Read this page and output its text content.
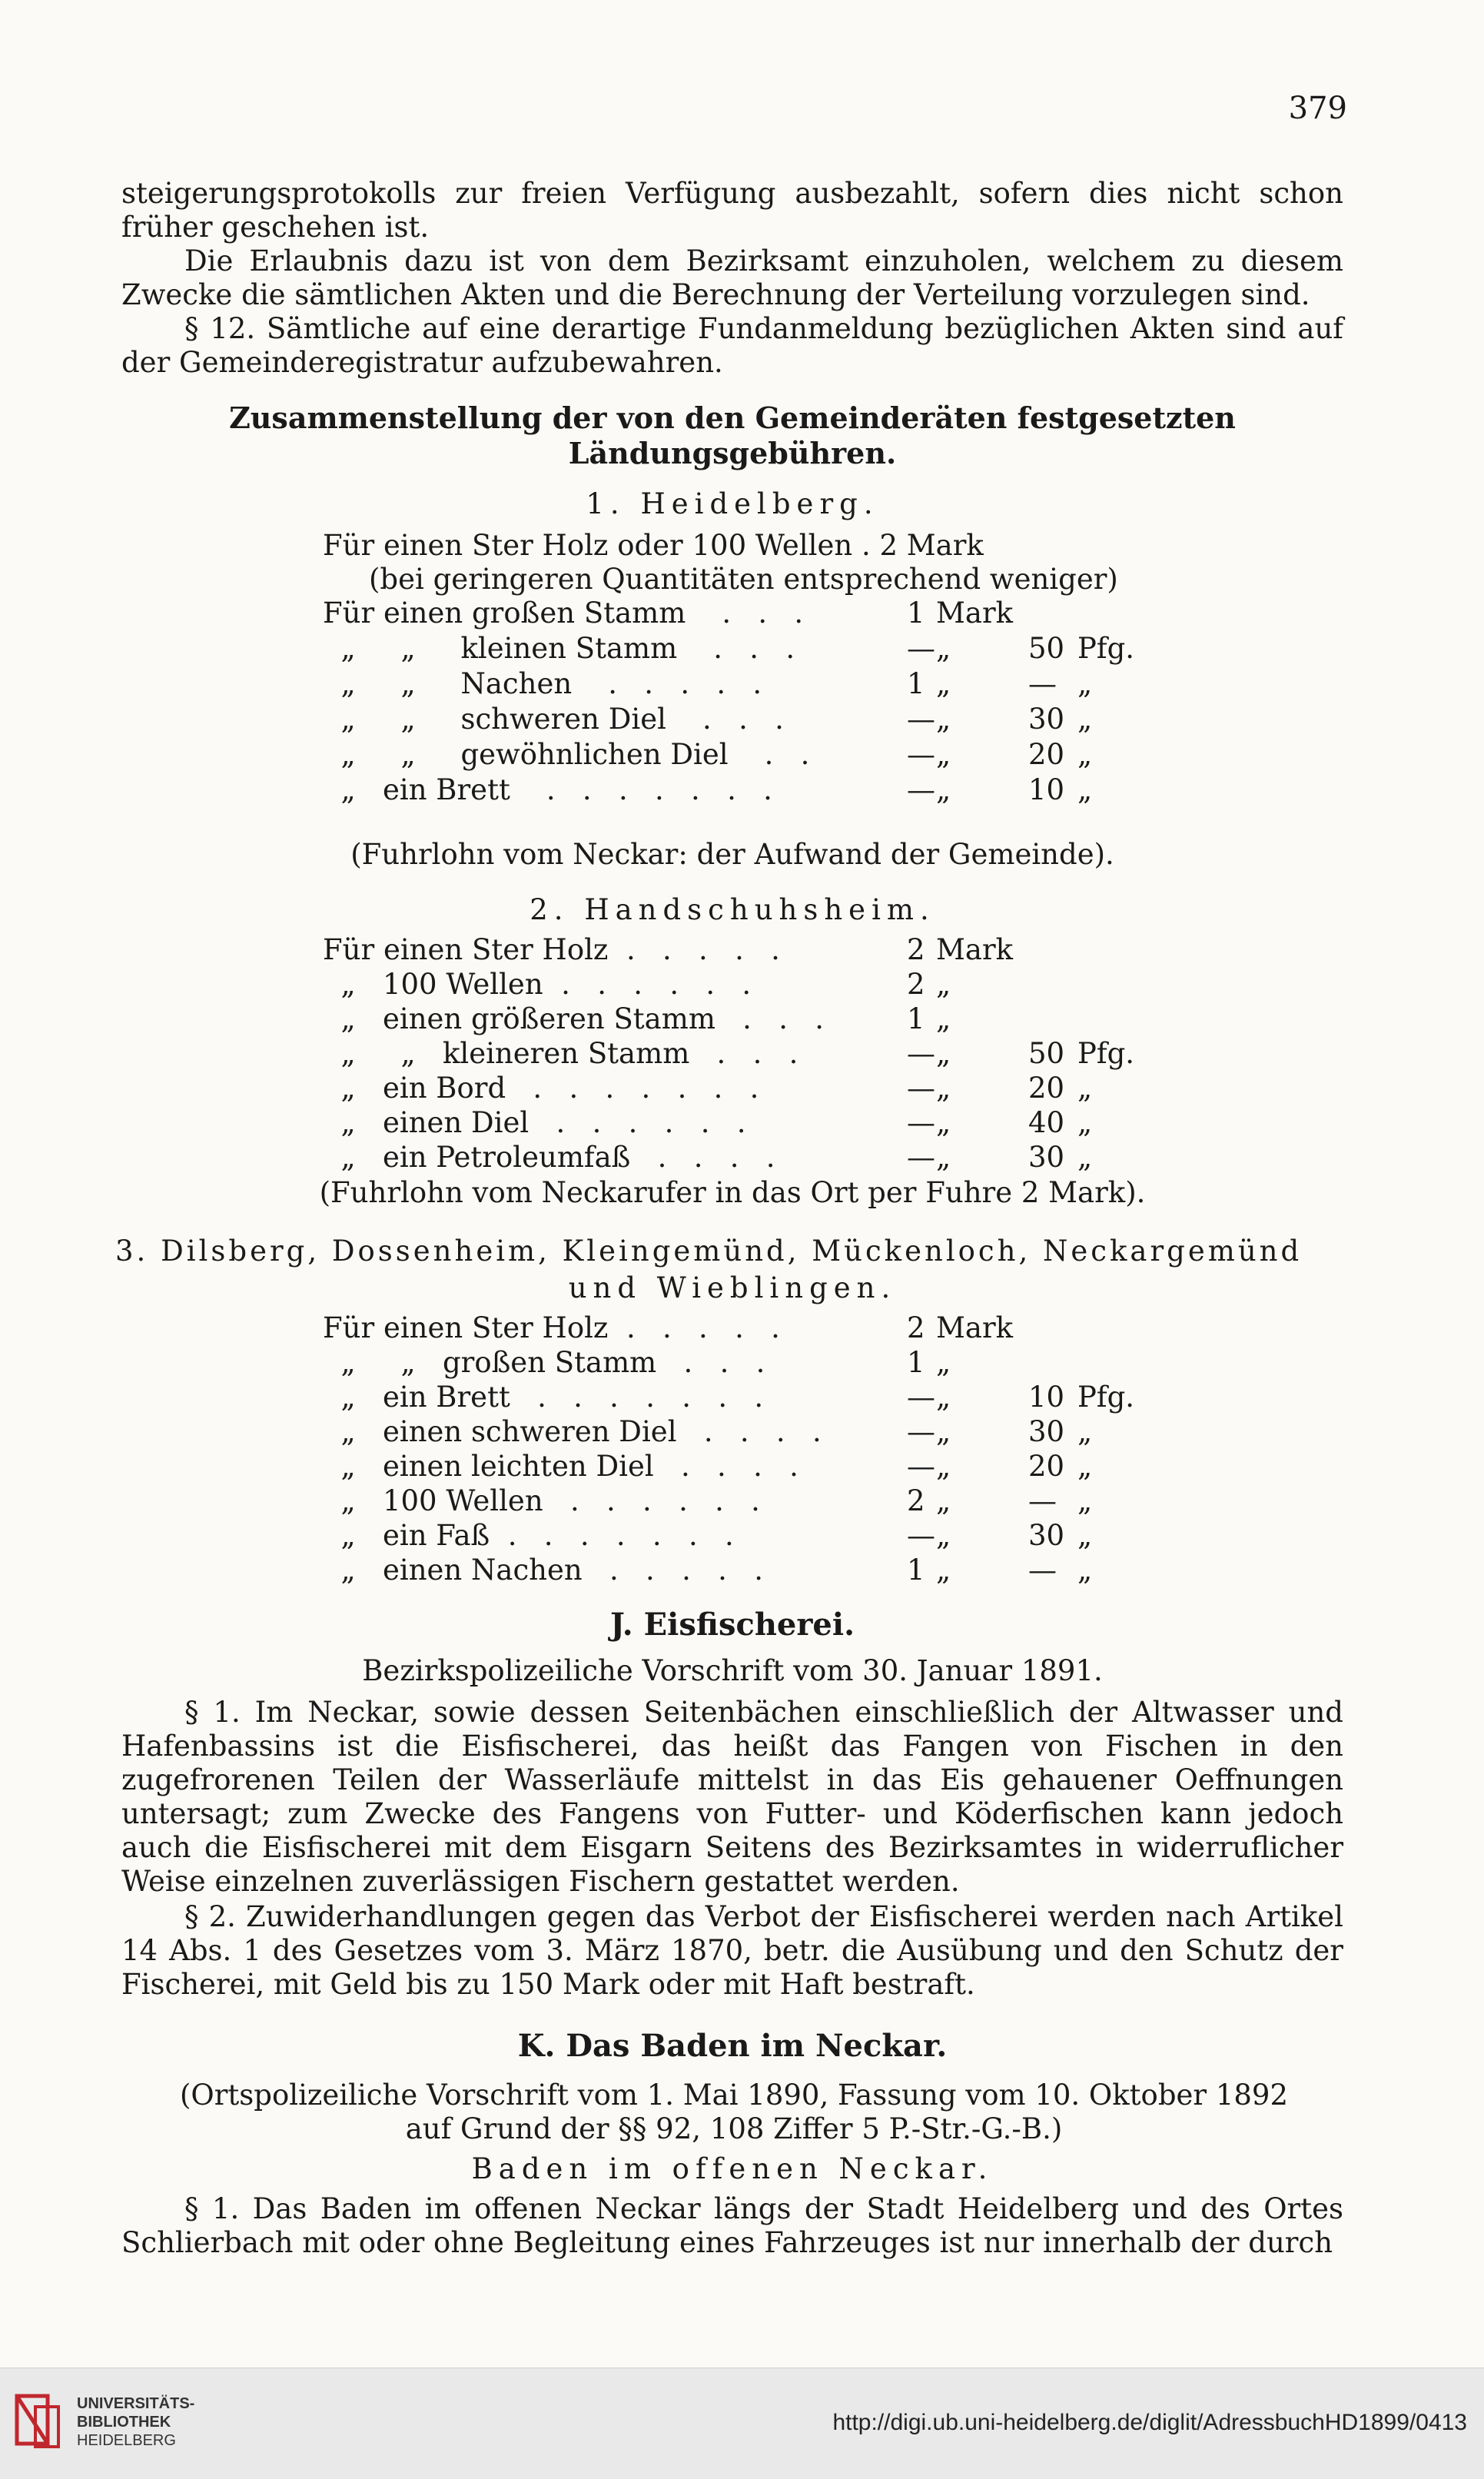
379
steigerungsprotokolls zur freien Verfügung ausbezahlt, sofern dies nicht schon früher geschehen ist.
Die Erlaubnis dazu ist von dem Bezirksamt einzuholen, welchem zu diesem Zwecke die sämtlichen Akten und die Berechnung der Verteilung vorzulegen sind.
§ 12. Sämtliche auf eine derartige Fundanmeldung bezüglichen Akten sind auf der Gemeinderegistratur aufzubewahren.
Zusammenstellung der von den Gemeinderäten festgesetzten
Ländungsgebühren.
1. Heidelberg.
Für einen Ster Holz oder 100 Wellen . 2 Mark
(bei geringeren Quantitäten entsprechend weniger)
Für einen großen Stamm    .   .   .	1 Mark
„     „     kleinen Stamm    .   .   .	— „	50 Pfg.
„     „     Nachen    .   .   .   .   .	1 „	— „
„     „     schweren Diel    .   .   .	— „	30 „
„     „     gewöhnlichen Diel    .   .	— „	20 „
„   ein Brett    .   .   .   .   .   .   .	— „	10 „
(Fuhrlohn vom Neckar: der Aufwand der Gemeinde).
2. Handschuhsheim.
Für einen Ster Holz  .   .   .   .   .	2 Mark
„   100 Wellen  .   .   .   .   .   .	2 „
„   einen größeren Stamm   .   .   .	1 „
„     „   kleineren Stamm   .   .   .	— „	50 Pfg.
„   ein Bord   .   .   .   .   .   .   .	— „	20 „
„   einen Diel   .   .   .   .   .   .	— „	40 „
„   ein Petroleumfaß   .   .   .   .	— „	30 „
(Fuhrlohn vom Neckarufer in das Ort per Fuhre 2 Mark).
3. Dilsberg, Dossenheim, Kleingemünd, Mückenloch, Neckargemünd
und Wieblingen.
Für einen Ster Holz  .   .   .   .   .	2 Mark
„     „   großen Stamm   .   .   .	1 „
„   ein Brett   .   .   .   .   .   .   .	— „	10 Pfg.
„   einen schweren Diel   .   .   .   .	— „	30 „
„   einen leichten Diel   .   .   .   .	— „	20 „
„   100 Wellen   .   .   .   .   .   .	2 „	— „
„   ein Faß  .   .   .   .   .   .   .	— „	30 „
„   einen Nachen   .   .   .   .   .	1 „	— „
J. Eisfischerei.
Bezirkspolizeiliche Vorschrift vom 30. Januar 1891.
§ 1. Im Neckar, sowie dessen Seitenbächen einschließlich der Altwasser und Hafenbassins ist die Eisfischerei, das heißt das Fangen von Fischen in den zugefrorenen Teilen der Wasserläufe mittelst in das Eis gehauener Oeffnungen untersagt; zum Zwecke des Fangens von Futter- und Köderfischen kann jedoch auch die Eisfischerei mit dem Eisgarn Seitens des Bezirksamtes in widerruflicher Weise einzelnen zuverlässigen Fischern gestattet werden.
§ 2. Zuwiderhandlungen gegen das Verbot der Eisfischerei werden nach Artikel 14 Abs. 1 des Gesetzes vom 3. März 1870, betr. die Ausübung und den Schutz der Fischerei, mit Geld bis zu 150 Mark oder mit Haft bestraft.
K. Das Baden im Neckar.
(Ortspolizeiliche Vorschrift vom 1. Mai 1890, Fassung vom 10. Oktober 1892 auf Grund der §§ 92, 108 Ziffer 5 P.-Str.-G.-B.)
Baden im offenen Neckar.
§ 1. Das Baden im offenen Neckar längs der Stadt Heidelberg und des Ortes Schlierbach mit oder ohne Begleitung eines Fahrzeuges ist nur innerhalb der durch
UNIVERSITÄTS-
BIBLIOTHEK
HEIDELBERG
http://digi.ub.uni-heidelberg.de/diglit/AdressbuchHD1899/0413
